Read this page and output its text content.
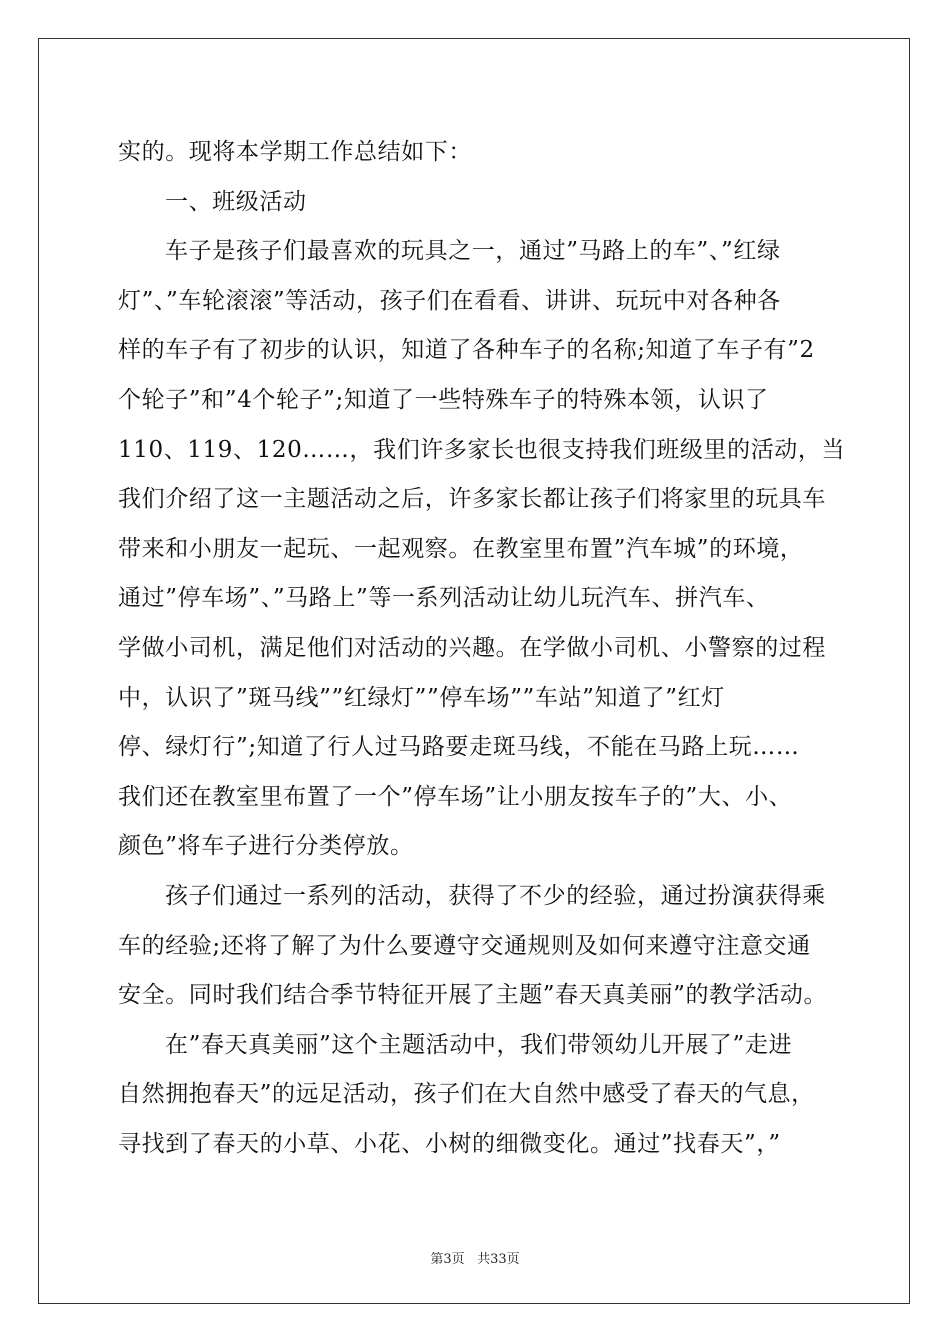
实的。现将本学期工作总结如下：
一、班级活动
车子是孩子们最喜欢的玩具之一，通过”马路上的车”、”红绿
灯”、”车轮滚滚”等活动，孩子们在看看、讲讲、玩玩中对各种各
样的车子有了初步的认识，知道了各种车子的名称;知道了车子有”2
个轮子”和”4个轮子”;知道了一些特殊车子的特殊本领，认识了
110、119、120……，我们许多家长也很支持我们班级里的活动，当
我们介绍了这一主题活动之后，许多家长都让孩子们将家里的玩具车
带来和小朋友一起玩、一起观察。在教室里布置”汽车城”的环境，
通过”停车场”、”马路上”等一系列活动让幼儿玩汽车、拼汽车、
学做小司机，满足他们对活动的兴趣。在学做小司机、小警察的过程
中，认识了”斑马线””红绿灯””停车场””车站”知道了”红灯
停、绿灯行”;知道了行人过马路要走斑马线，不能在马路上玩……
我们还在教室里布置了一个”停车场”让小朋友按车子的”大、小、
颜色”将车子进行分类停放。
孩子们通过一系列的活动，获得了不少的经验，通过扮演获得乘
车的经验;还将了解了为什么要遵守交通规则及如何来遵守注意交通
安全。同时我们结合季节特征开展了主题”春天真美丽”的教学活动。
在”春天真美丽”这个主题活动中，我们带领幼儿开展了”走进
自然拥抱春天”的远足活动，孩子们在大自然中感受了春天的气息，
寻找到了春天的小草、小花、小树的细微变化。通过”找春天”，”
第3页 共33页
